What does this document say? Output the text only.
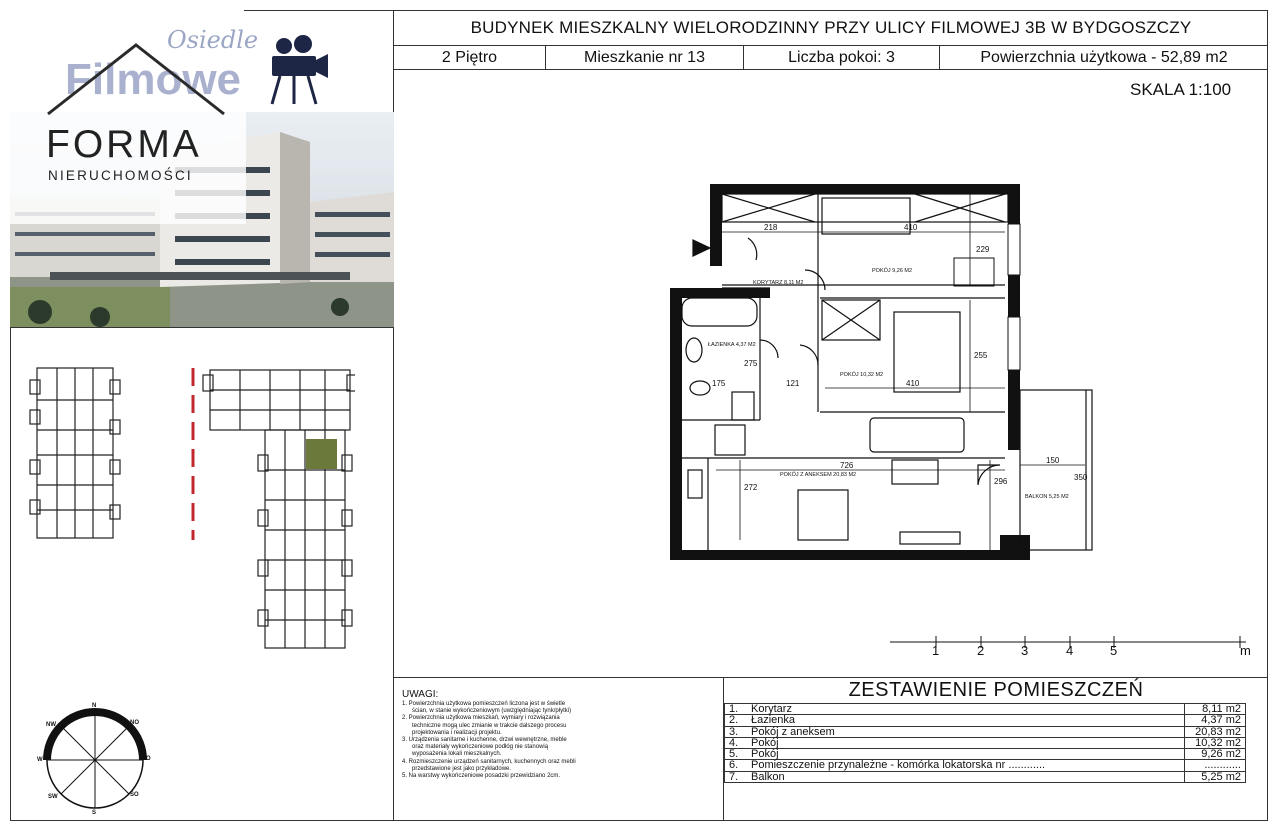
BUDYNEK MIESZKALNY WIELORODZINNY PRZY ULICY FILMOWEJ 3B W BYDGOSZCZY
2 Piętro	Mieszkanie nr 13	Liczba pokoi: 3	Powierzchnia użytkowa - 52,89 m2
SKALA 1:100
FORMA
NIERUCHOMOŚCI
Osiedle
Filmowe
N
NW	NO
W	O
SW	SO
S
KORYTARZ 8,11 M2
POKÓJ 9,26 M2
ŁAZIENKA 4,37 M2
POKÓJ 10,32 M2
POKÓJ Z ANEKSEM 20,83 M2
BALKON 5,25 M2
218	410
229
175
275
121	410
255
726
272
296
150
350
1	2	3	4	5	m
UWAGI:

1. Powierzchnia użytkowa pomieszczeń liczona jest w świetle ścian, w stanie wykończeniowym (uwzględniając tynk/płytki)

2. Powierzchnia użytkowa mieszkań, wymiary i rozwiązania techniczne mogą ulec zmianie w trakcie dalszego procesu projektowania i realizacji projektu.

3. Urządzenia sanitarne i kuchenne, drzwi wewnętrzne, meble oraz materiały wykończeniowe podłóg nie stanowią wyposażenia lokali mieszkalnych.

4. Rozmieszczenie urządzeń sanitarnych, kuchennych oraz mebli przedstawione jest jako przykładowe.

5. Na warstwy wykończeniowe posadzki przewidziano 2cm.

ZESTAWIENIE POMIESZCZEŃ
1.	Korytarz	8,11 m2
2.	Łazienka	4,37 m2
3.	Pokój z aneksem	20,83 m2
4.	Pokój	10,32 m2
5.	Pokój	9,26 m2
6.	Pomieszczenie przynależne - komórka lokatorska nr ............	............
7.	Balkon	5,25 m2
